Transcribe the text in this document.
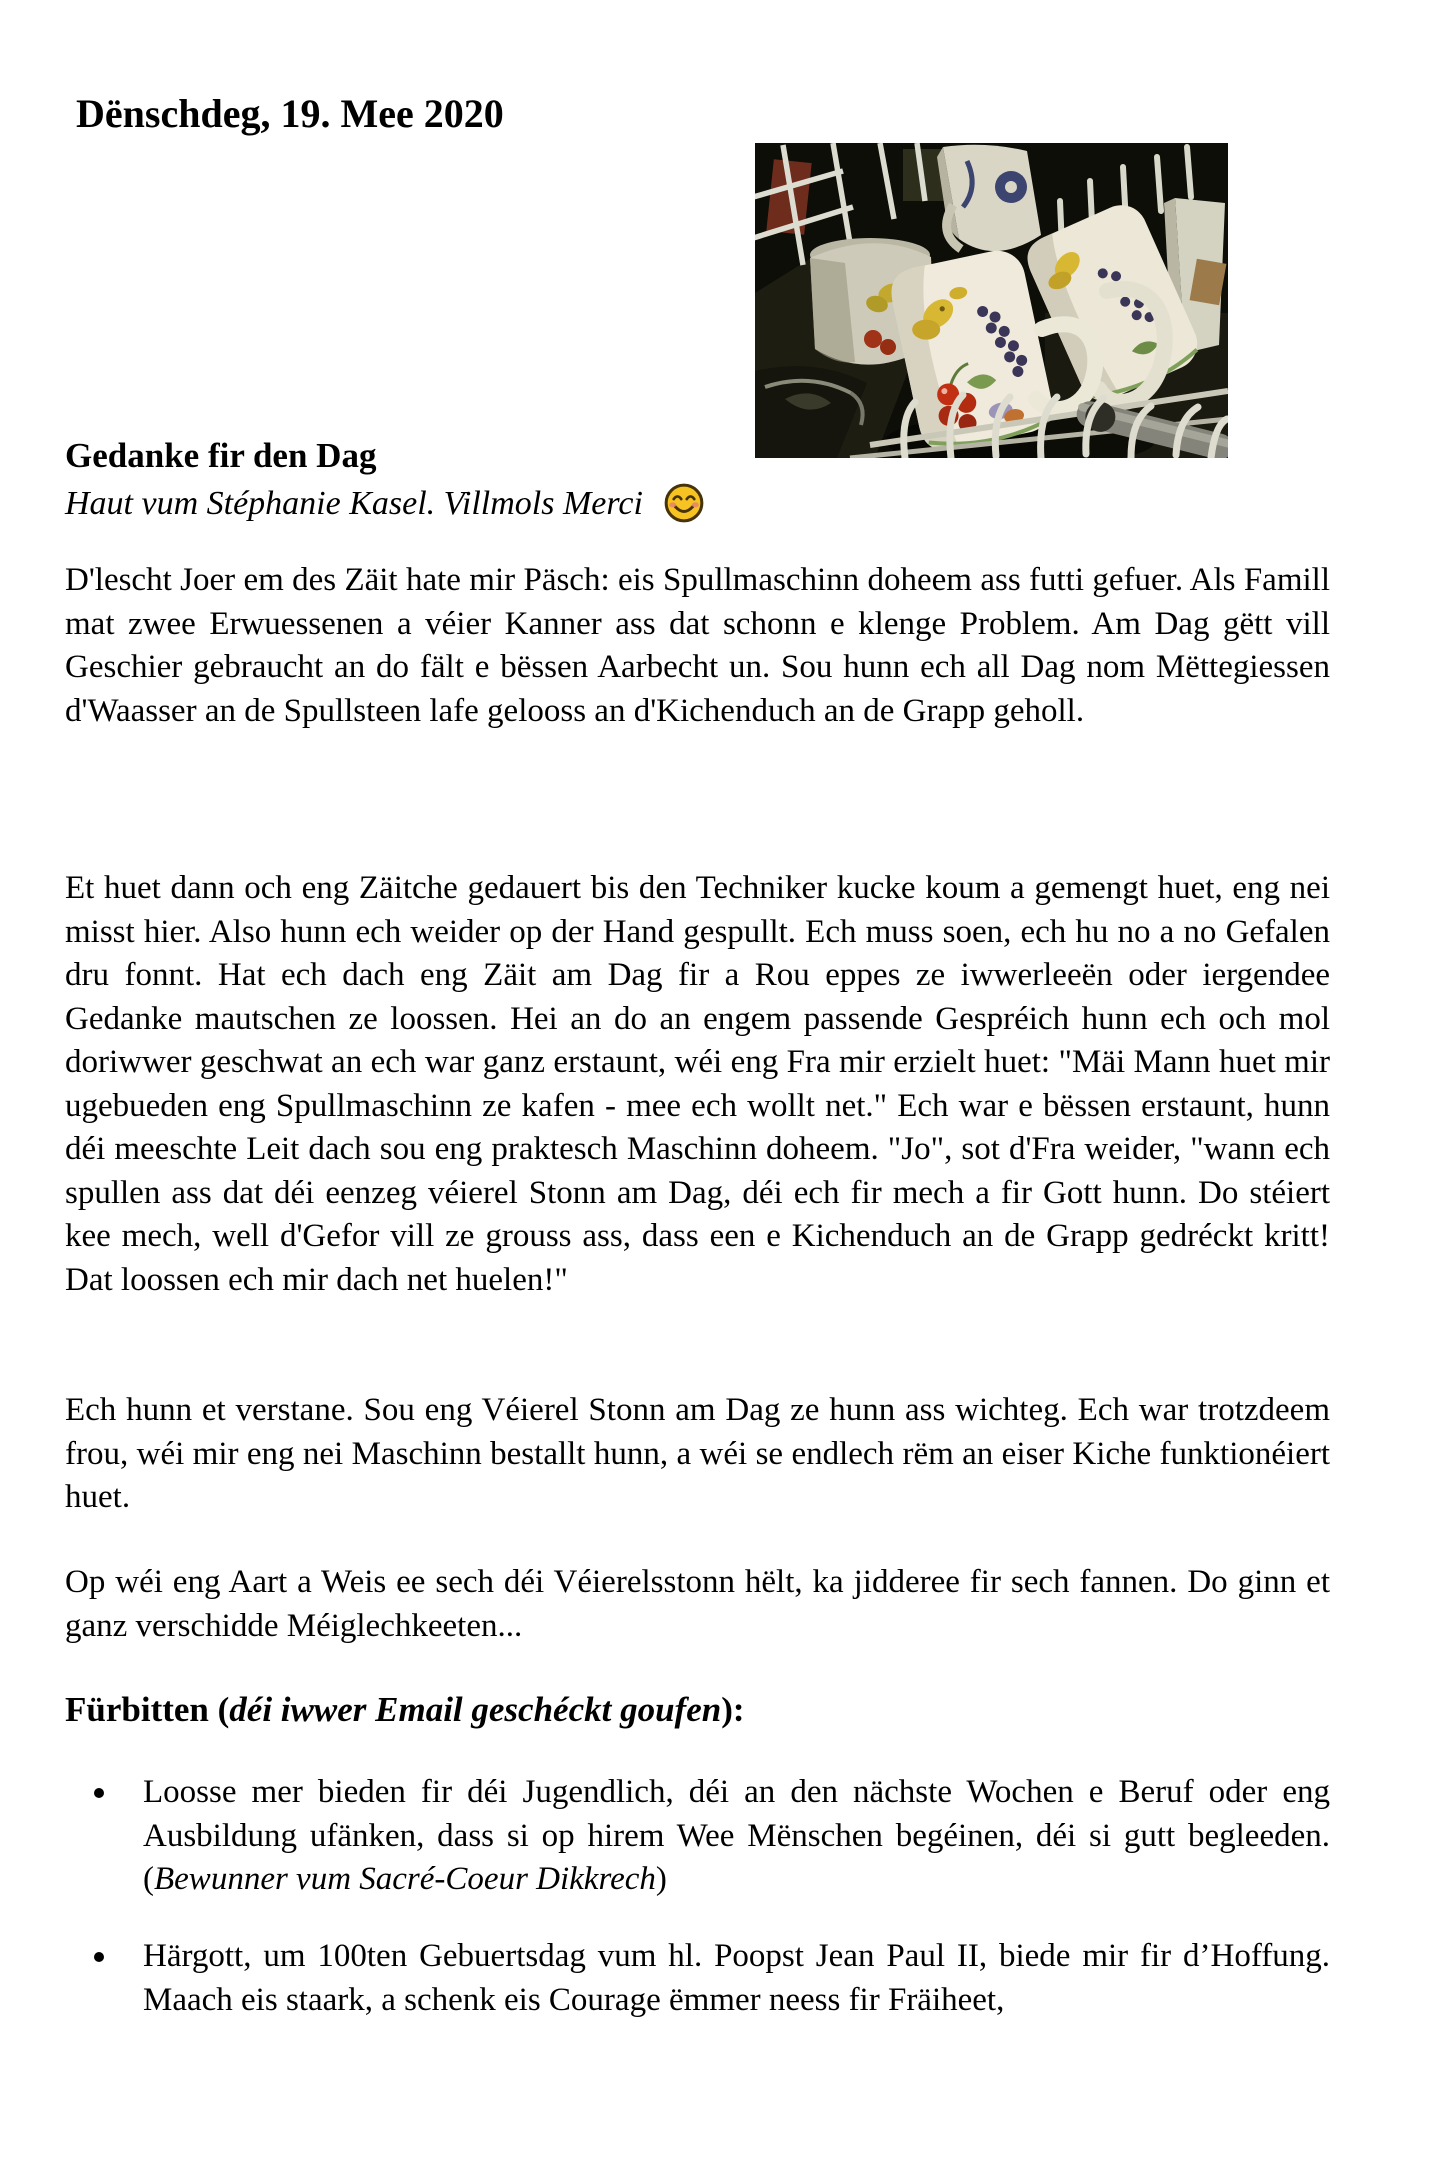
Dënschdeg, 19. Mee 2020
Gedanke fir den Dag
Haut vum Stéphanie Kasel. Villmols Merci

D'lescht Joer em des Zäit hate mir Päsch: eis Spullmaschinn doheem ass futti gefuer. Als Famill mat zwee Erwuessenen a véier Kanner ass dat schonn e klenge Problem. Am Dag gëtt vill Geschier gebraucht an do fält e bëssen Aarbecht un. Sou hunn ech all Dag nom Mëttegiessen d'Waasser an de Spullsteen lafe gelooss an d'Kichenduch an de Grapp geholl.

Et huet dann och eng Zäitche gedauert bis den Techniker kucke koum a gemengt huet, eng nei misst hier. Also hunn ech weider op der Hand gespullt. Ech muss soen, ech hu no a no Gefalen dru fonnt. Hat ech dach eng Zäit am Dag fir a Rou eppes ze iwwerleeën oder iergendee Gedanke mautschen ze loossen. Hei an do an engem passende Gespréich hunn ech och mol doriwwer geschwat an ech war ganz erstaunt, wéi eng Fra mir erzielt huet: "Mäi Mann huet mir ugebueden eng Spullmaschinn ze kafen - mee ech wollt net." Ech war e bëssen erstaunt, hunn déi meeschte Leit dach sou eng praktesch Maschinn doheem. "Jo", sot d'Fra weider, "wann ech spullen ass dat déi eenzeg véierel Stonn am Dag, déi ech fir mech a fir Gott hunn. Do stéiert kee mech, well d'Gefor vill ze grouss ass, dass een e Kichenduch an de Grapp gedréckt kritt! Dat loossen ech mir dach net huelen!"

Ech hunn et verstane. Sou eng Véierel Stonn am Dag ze hunn ass wichteg. Ech war trotzdeem frou, wéi mir eng nei Maschinn bestallt hunn, a wéi se endlech rëm an eiser Kiche funktionéiert huet.

Op wéi eng Aart a Weis ee sech déi Véierelsstonn hëlt, ka jidderee fir sech fannen. Do ginn et ganz verschidde Méiglechkeeten...

Fürbitten (déi iwwer Email geschéckt goufen):
Loosse mer bieden fir déi Jugendlich, déi an den nächste Wochen e Beruf oder eng Ausbildung ufänken, dass si op hirem Wee Mënschen begéinen, déi si gutt begleeden. (Bewunner vum Sacré-Coeur Dikkrech)
Härgott, um 100ten Gebuertsdag vum hl. Poopst Jean Paul II, biede mir fir d’Hoffung. Maach eis staark, a schenk eis Courage ëmmer neess fir Fräiheet,
